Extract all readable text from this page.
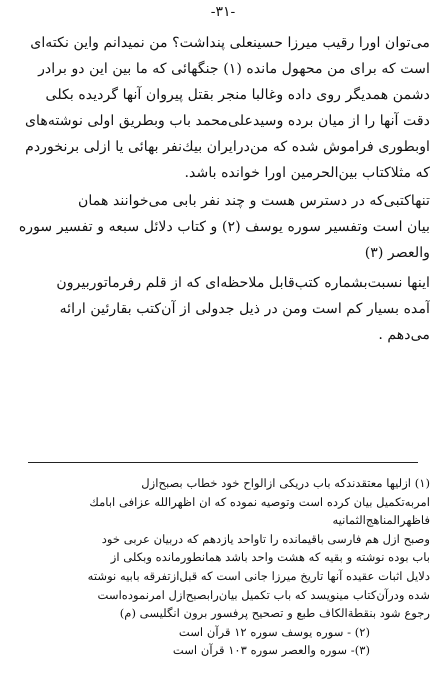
-۳۱-
می‌توان اورا رقیب میرزا حسینعلی پنداشت؟ من نمیدانم واین نکته‌ای
است که برای من محهول مانده (۱) جنگهائی که ما بین این دو برادر
دشمن همدیگر روی داده وغالبا منجر بقتل پیروان آنها گردیده بکلی
دقت آنها را از میان برده وسیدعلی‌محمد باب وبطریق اولی نوشته‌های
اوبطوری فراموش شده که من‌درایران بیك‌نفر بهائی یا ازلی برنخوردم
که مثلاکتاب بین‌الحرمین اورا خوانده باشد.
تنهاکتبی‌که در دسترس هست و چند نفر بابی می‌خوانند همان
بیان است وتفسیر سوره یوسف (۲) و کتاب دلائل سبعه و تفسیر سوره
والعصر (۳)
اینها نسبت‌بشماره کتب‌قابل ملاحظه‌ای که از قلم رفرماتوربیرون
آمده بسیار کم است ومن در ذیل جدولی از آن‌کتب بقارئین ارائه
می‌دهم .
(۱) ازلیها معتقدند‌که باب دریکی ازالواح خود خطاب بصبح‌ازل
امربه‌تکمیل بیان کرده است وتوصیه نموده که ان اظهرالله عزافی ابامك
فاظهرالمناهج‌الثمانیه
وصبح ازل هم فارسی باقیمانده را تاواحد یازدهم که دربیان عربی خود
باب بوده نوشته و بقیه که هشت واحد باشد همانطورمانده وبکلی از
دلایل اثبات عقیده آنها تاریخ میرزا جانی است که قبل‌ازتفرقه بابیه نوشته
شده ودرآن‌کتاب مینویسد که باب تکمیل بیان‌رابصبح‌ازل امرنموده‌است
رجوع شود بنقطة‌الکاف طبع و تصحیح پرفسور برون انگلیسی (م)
(۲) - سوره یوسف سوره ۱۲ قرآن است
(۳)- سوره والعصر سوره ۱۰۳ قرآن است
